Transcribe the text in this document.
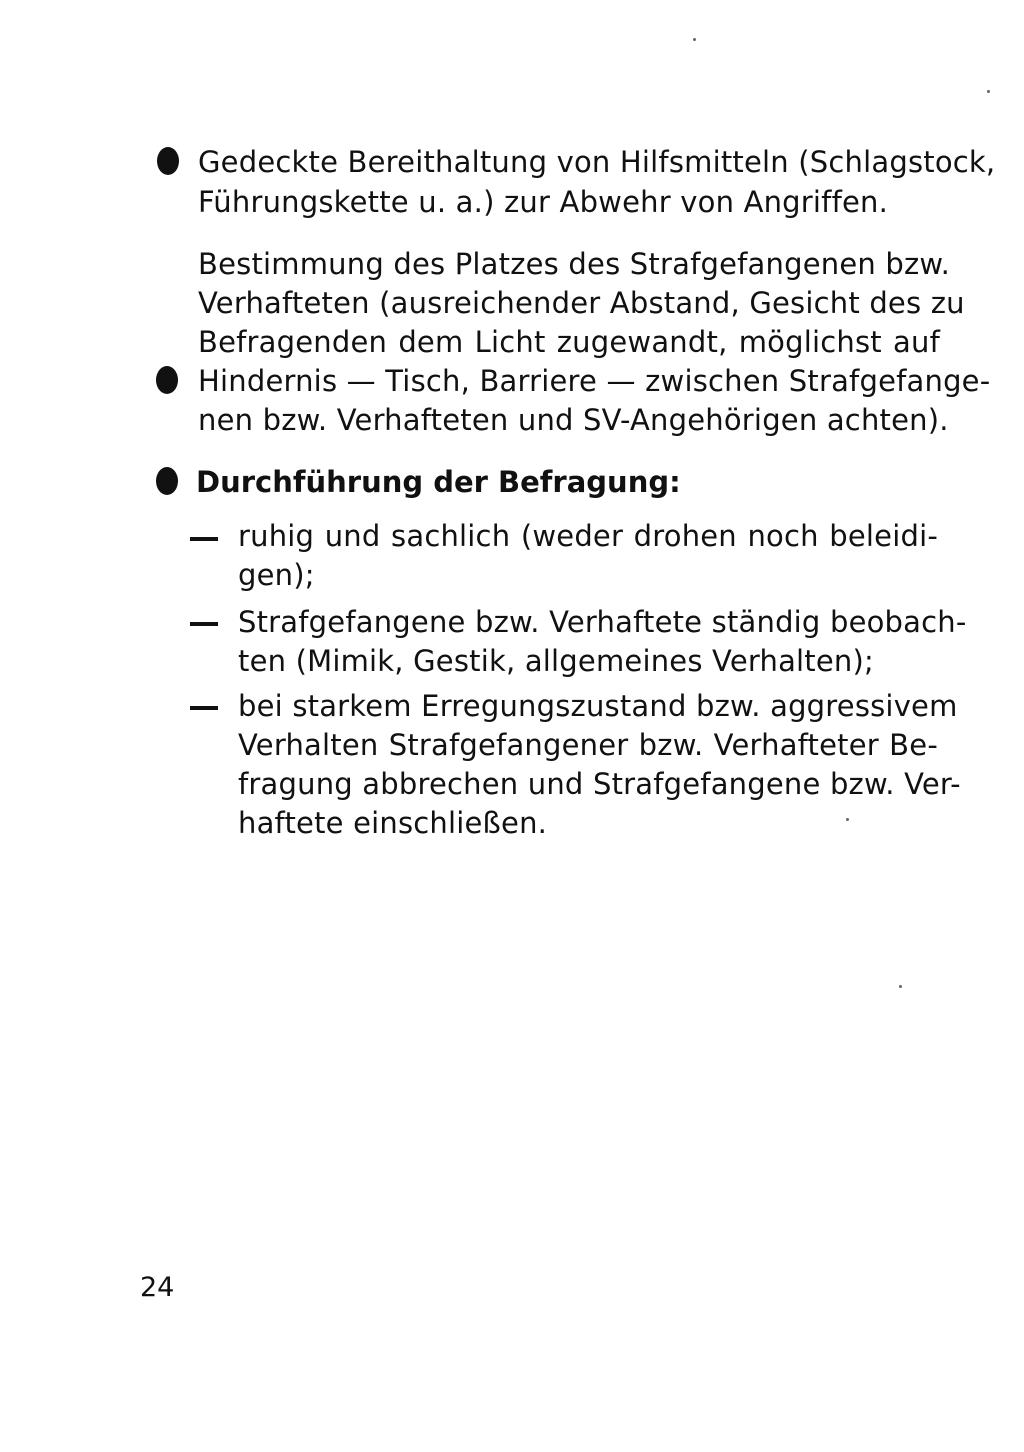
Gedeckte Bereithaltung von Hilfsmitteln (Schlagstock,
Führungskette u. a.) zur Abwehr von Angriffen.
Bestimmung des Platzes des Strafgefangenen bzw.
Verhafteten (ausreichender Abstand, Gesicht des zu
Befragenden dem Licht zugewandt, möglichst auf
Hindernis — Tisch, Barriere — zwischen Strafgefange-
nen bzw. Verhafteten und SV-Angehörigen achten).
Durchführung der Befragung:
ruhig und sachlich (weder drohen noch beleidi-
gen);
Strafgefangene bzw. Verhaftete ständig beobach-
ten (Mimik, Gestik, allgemeines Verhalten);
bei starkem Erregungszustand bzw. aggressivem
Verhalten Strafgefangener bzw. Verhafteter Be-
fragung abbrechen und Strafgefangene bzw. Ver-
haftete einschließen.
24
